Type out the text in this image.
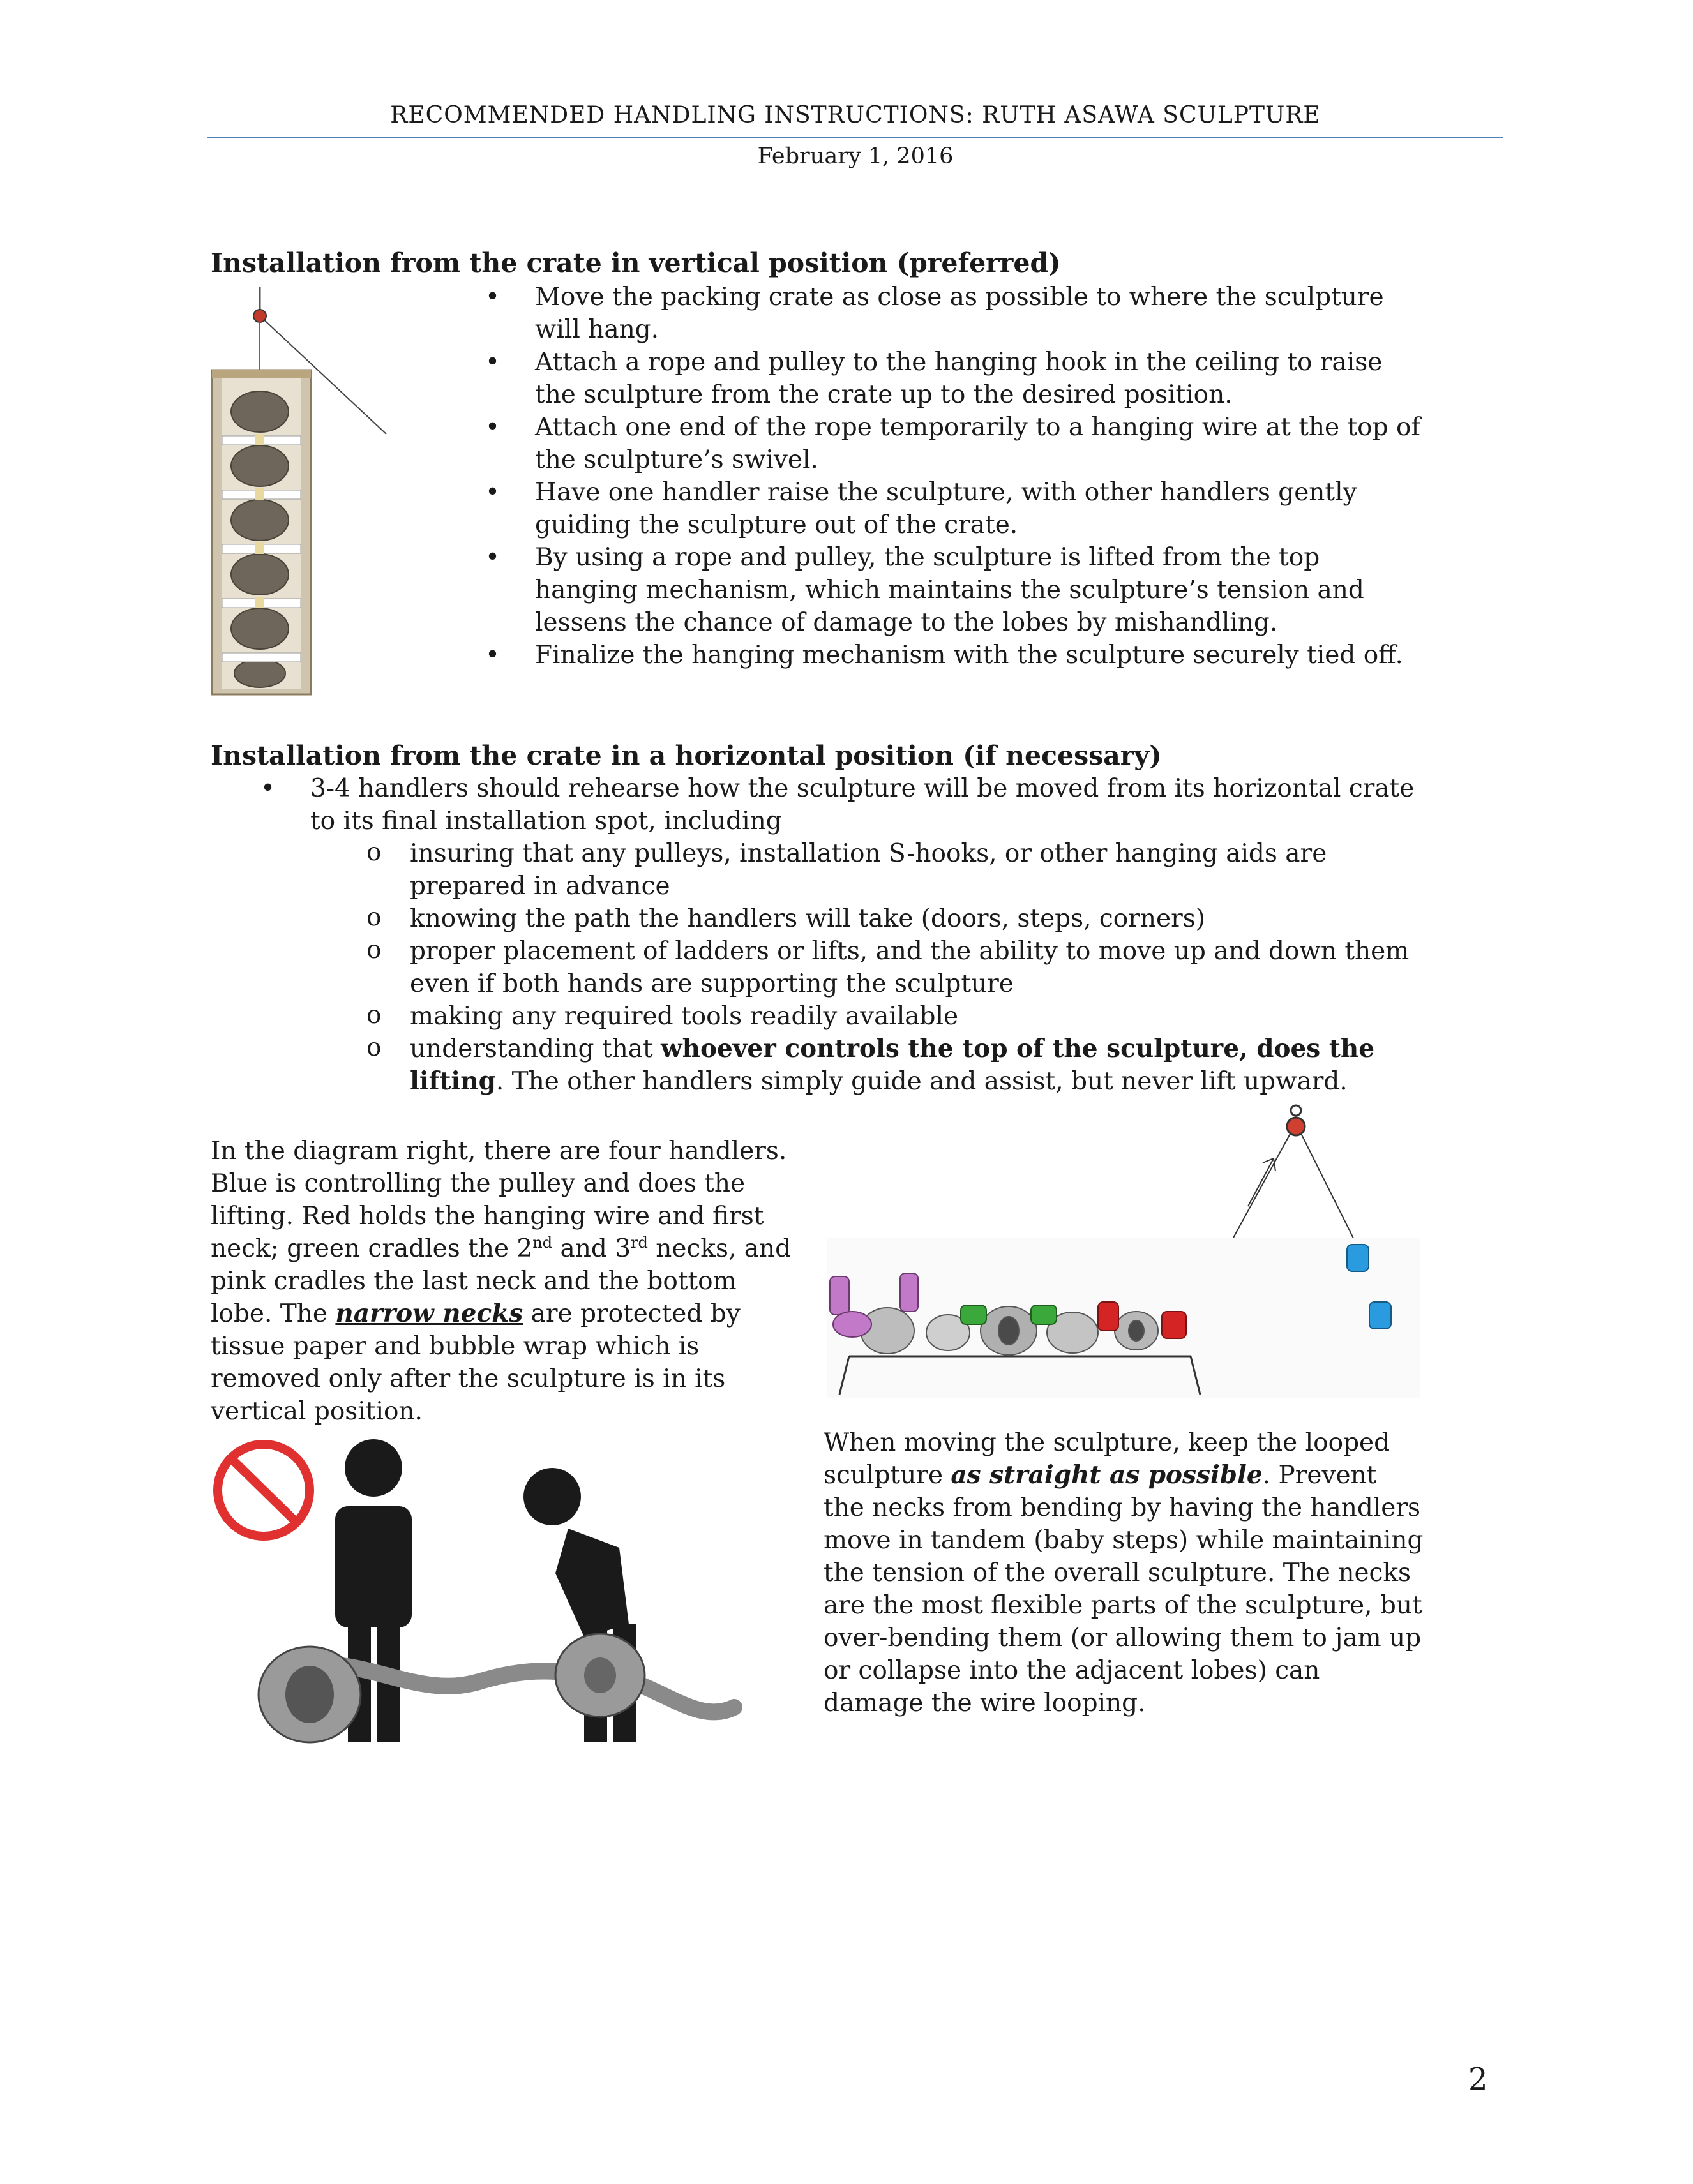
RECOMMENDED HANDLING INSTRUCTIONS: RUTH ASAWA SCULPTURE
February 1, 2016
Installation from the crate in vertical position (preferred)
• Move the packing crate as close as possible to where the sculpture will hang.
• Attach a rope and pulley to the hanging hook in the ceiling to raise the sculpture from the crate up to the desired position.
• Attach one end of the rope temporarily to a hanging wire at the top of the sculpture’s swivel.
• Have one handler raise the sculpture, with other handlers gently guiding the sculpture out of the crate.
• By using a rope and pulley, the sculpture is lifted from the top hanging mechanism, which maintains the sculpture’s tension and lessens the chance of damage to the lobes by mishandling.
• Finalize the hanging mechanism with the sculpture securely tied off.
Installation from the crate in a horizontal position (if necessary)
• 3-4 handlers should rehearse how the sculpture will be moved from its horizontal crate to its final installation spot, including
o insuring that any pulleys, installation S-hooks, or other hanging aids are prepared in advance
o knowing the path the handlers will take (doors, steps, corners)
o proper placement of ladders or lifts, and the ability to move up and down them even if both hands are supporting the sculpture
o making any required tools readily available
o understanding that whoever controls the top of the sculpture, does the lifting. The other handlers simply guide and assist, but never lift upward.
In the diagram right, there are four handlers. Blue is controlling the pulley and does the lifting. Red holds the hanging wire and first neck; green cradles the 2nd and 3rd necks, and pink cradles the last neck and the bottom lobe. The narrow necks are protected by tissue paper and bubble wrap which is removed only after the sculpture is in its vertical position.
When moving the sculpture, keep the looped sculpture as straight as possible. Prevent the necks from bending by having the handlers move in tandem (baby steps) while maintaining the tension of the overall sculpture. The necks are the most flexible parts of the sculpture, but over-bending them (or allowing them to jam up or collapse into the adjacent lobes) can damage the wire looping.
2
